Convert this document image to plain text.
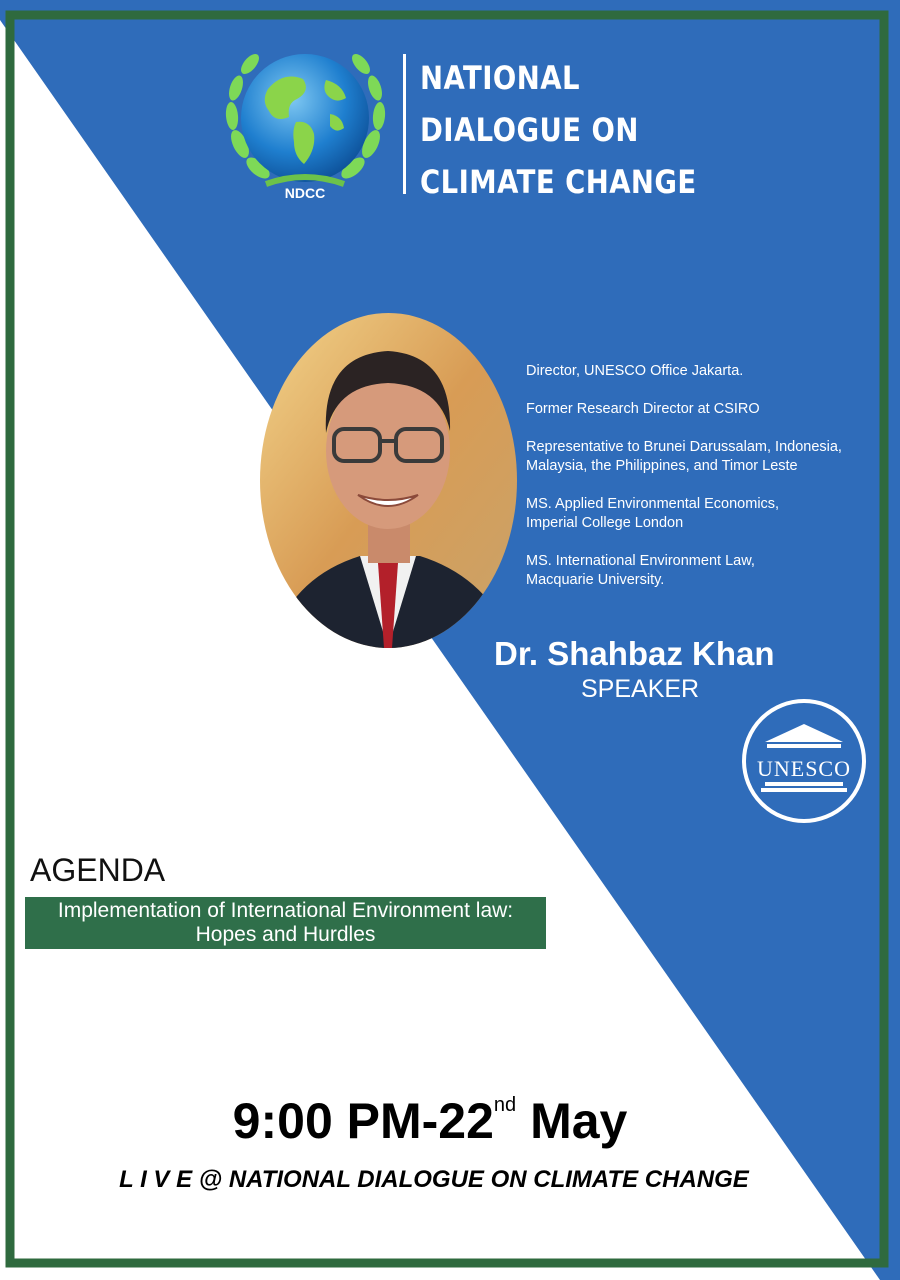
NDCC
NATIONAL
DIALOGUE ON
CLIMATE CHANGE

Director, UNESCO Office Jakarta.

Former Research Director at CSIRO

Representative to Brunei Darussalam, Indonesia,
Malaysia, the Philippines, and Timor Leste

MS. Applied Environmental Economics,
Imperial College London

MS. International Environment Law,
Macquarie University.

Dr. Shahbaz Khan
SPEAKER
UNESCO
AGENDA
Implementation of International Environment law:
Hopes and Hurdles
9:00 PM-22nd May
L I V E @ NATIONAL DIALOGUE ON CLIMATE CHANGE
